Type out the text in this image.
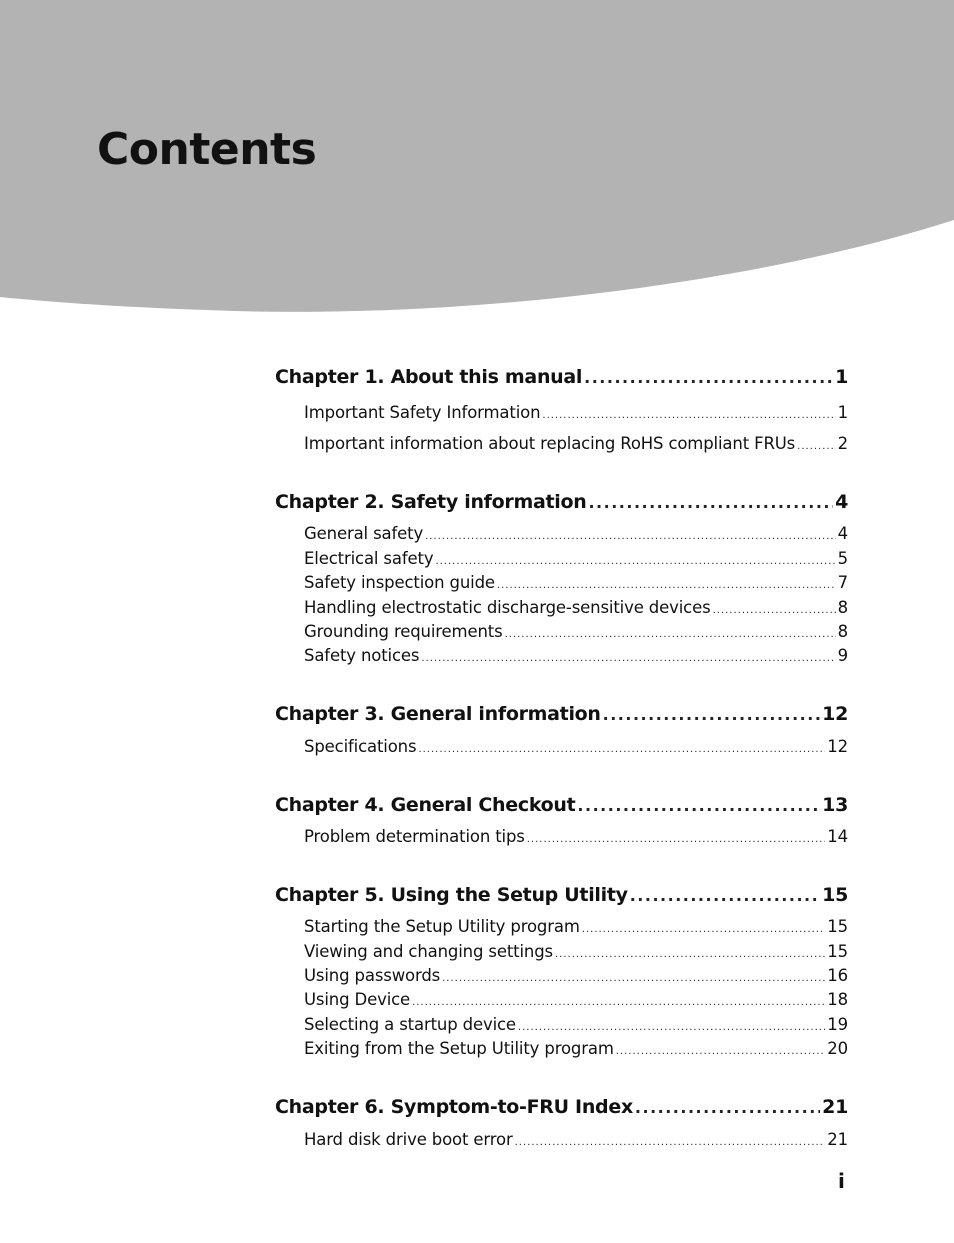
Contents
Chapter 1. About this manual .....	1
Important Safety Information .....	1
Important information about replacing RoHS compliant FRUs .....	2
Chapter 2. Safety information .....	4
General safety .....	4
Electrical safety .....	5
Safety inspection guide .....	7
Handling electrostatic discharge-sensitive devices .....	8
Grounding requirements .....	8
Safety notices .....	9
Chapter 3. General information .....	12
Specifications .....	12
Chapter 4. General Checkout .....	13
Problem determination tips .....	14
Chapter 5. Using the Setup Utility .....	15
Starting the Setup Utility program .....	15
Viewing and changing settings .....	15
Using passwords .....	16
Using Device .....	18
Selecting a startup device .....	19
Exiting from the Setup Utility program .....	20
Chapter 6. Symptom-to-FRU Index .....	21
Hard disk drive boot error .....	21
i
